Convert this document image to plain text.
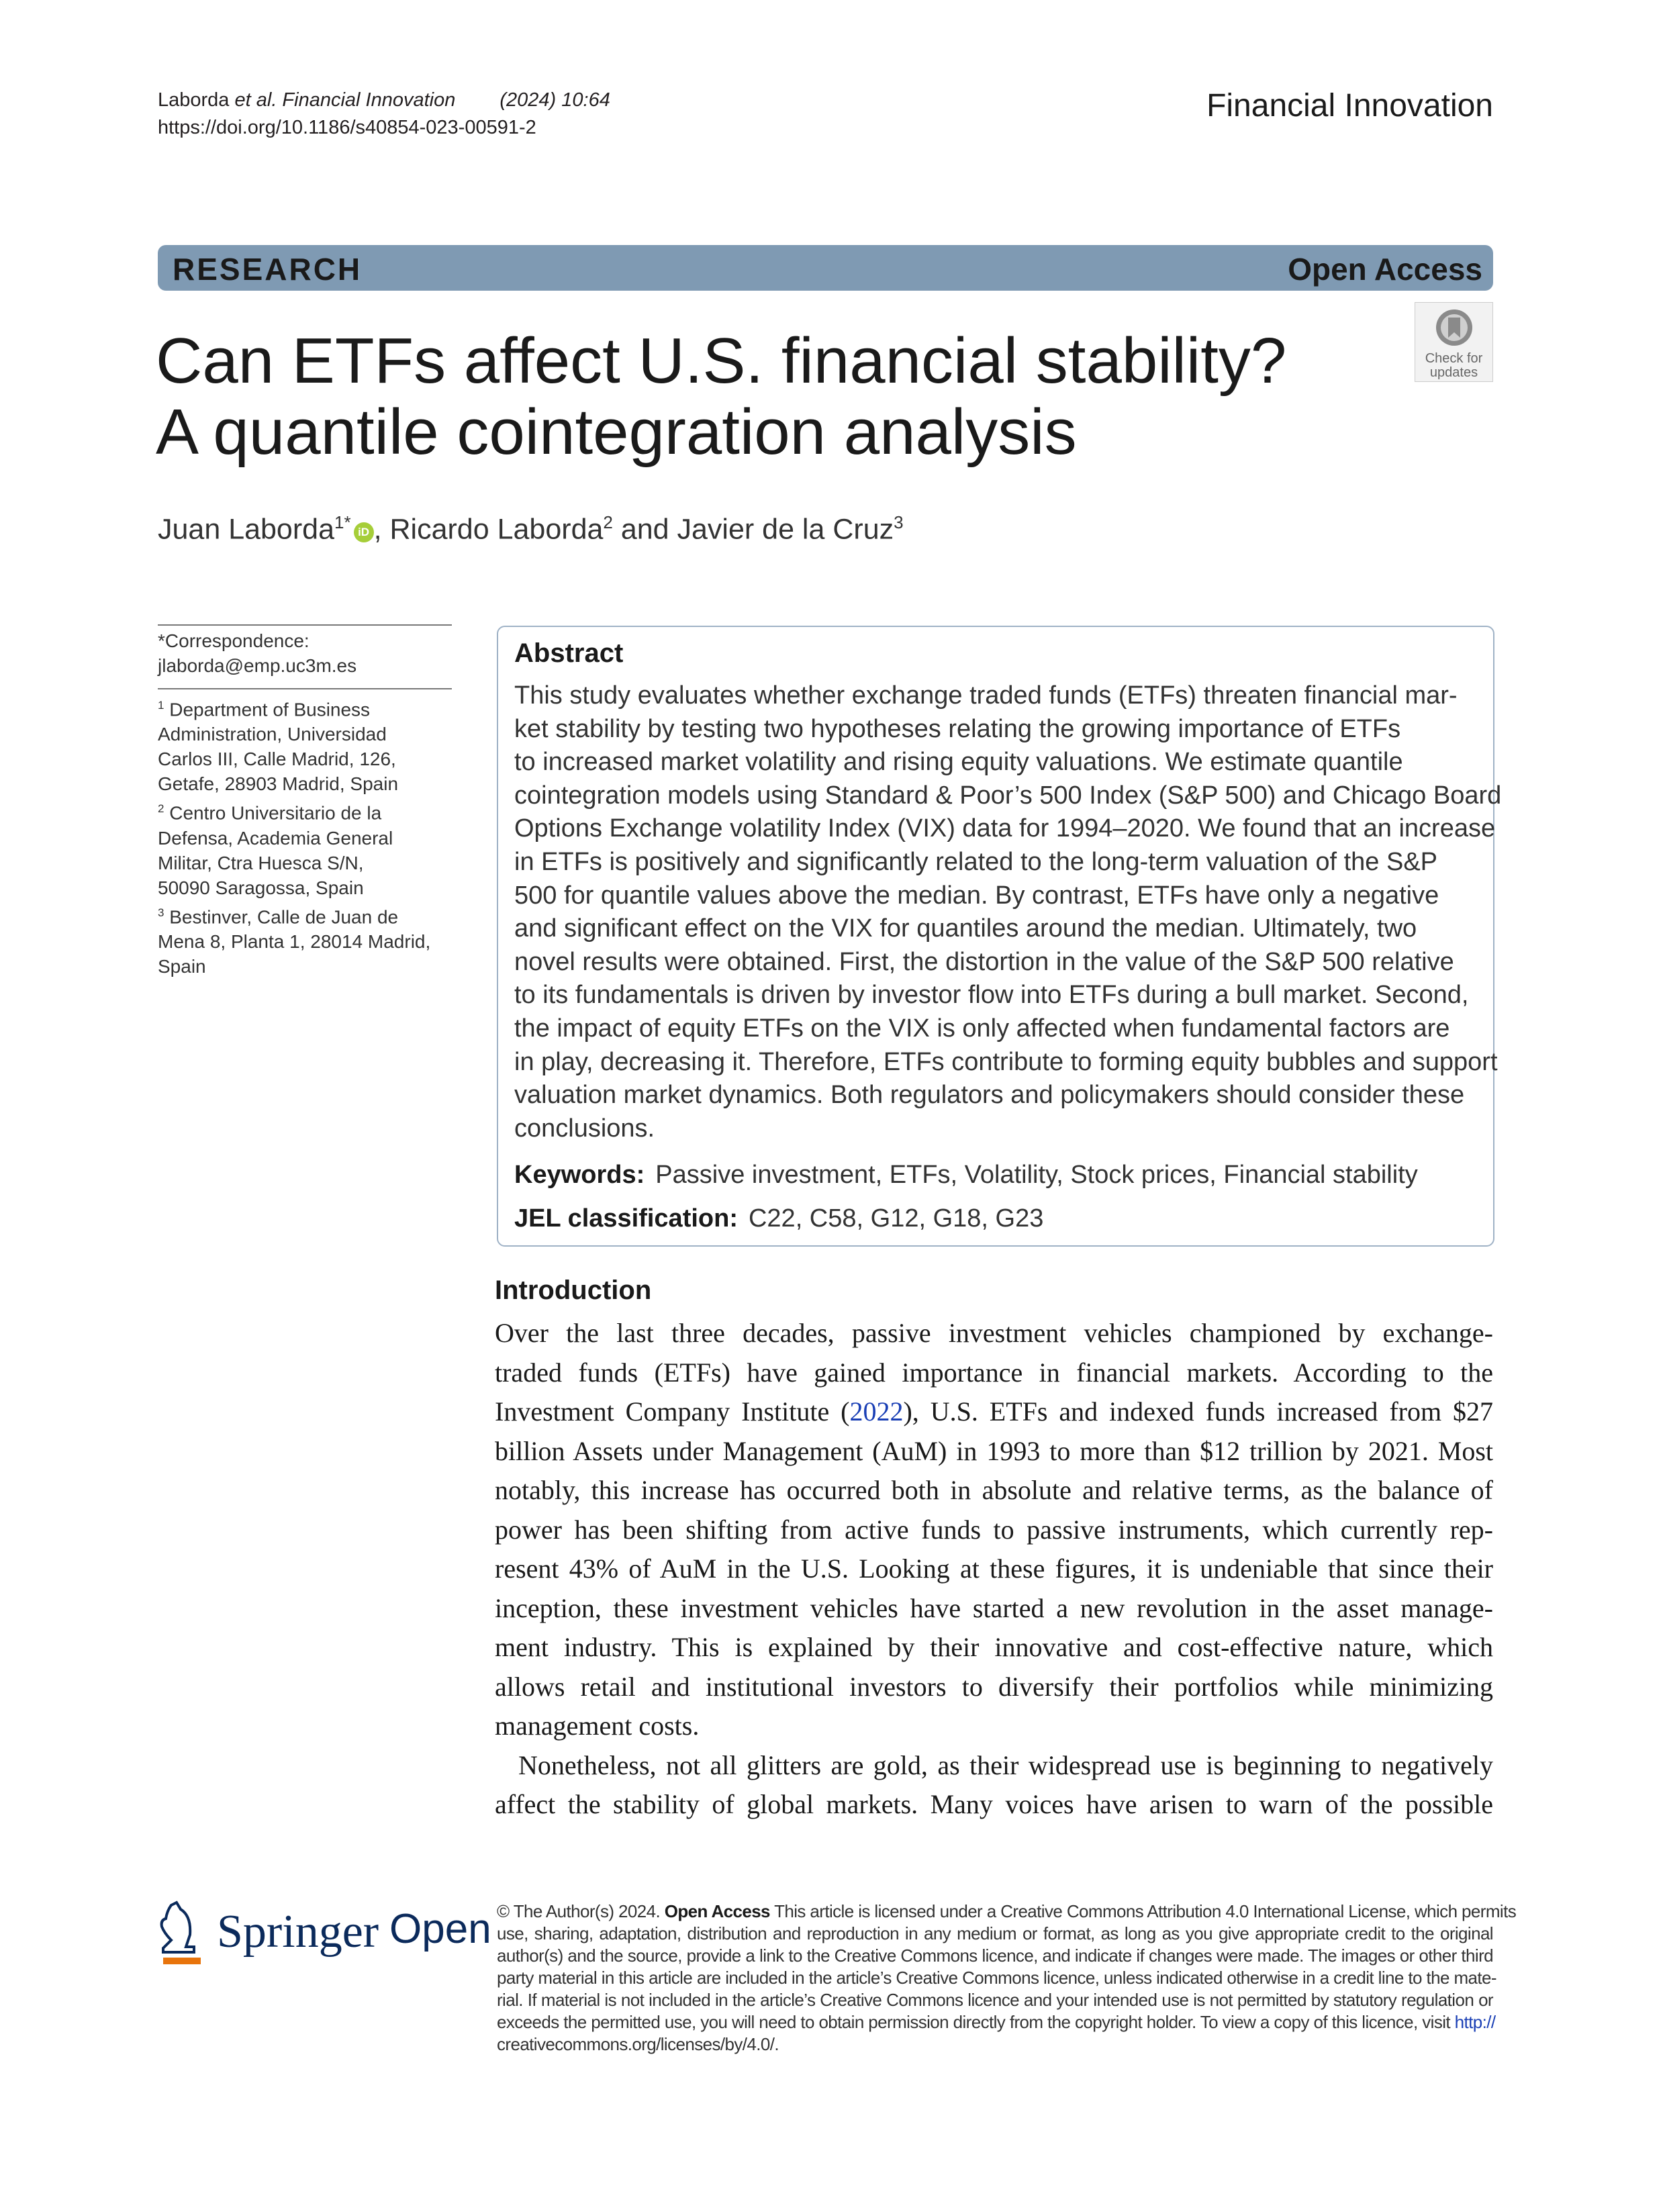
Laborda et al. Financial Innovation (2024) 10:64
https://doi.org/10.1186/s40854-023-00591-2
Financial Innovation
RESEARCH	Open Access
Check for
updates
Can ETFs affect U.S. financial stability?
A quantile cointegration analysis
Juan Laborda$^{1*}$ iD , Ricardo Laborda$^2$ and Javier de la Cruz$^3$
*Correspondence:
jlaborda@emp.uc3m.es
$^1$ Department of Business
Administration, Universidad
Carlos III, Calle Madrid, 126,
Getafe, 28903 Madrid, Spain
$^2$ Centro Universitario de la
Defensa, Academia General
Militar, Ctra Huesca S/N,
50090 Saragossa, Spain
$^3$ Bestinver, Calle de Juan de
Mena 8, Planta 1, 28014 Madrid,
Spain
Abstract
This study evaluates whether exchange traded funds (ETFs) threaten financial mar-
ket stability by testing two hypotheses relating the growing importance of ETFs
to increased market volatility and rising equity valuations. We estimate quantile
cointegration models using Standard & Poor’s 500 Index (S&P 500) and Chicago Board
Options Exchange volatility Index (VIX) data for 1994–2020. We found that an increase
in ETFs is positively and significantly related to the long-term valuation of the S&P
500 for quantile values above the median. By contrast, ETFs have only a negative
and significant effect on the VIX for quantiles around the median. Ultimately, two
novel results were obtained. First, the distortion in the value of the S&P 500 relative
to its fundamentals is driven by investor flow into ETFs during a bull market. Second,
the impact of equity ETFs on the VIX is only affected when fundamental factors are
in play, decreasing it. Therefore, ETFs contribute to forming equity bubbles and support
valuation market dynamics. Both regulators and policymakers should consider these
conclusions.
Keywords: Passive investment, ETFs, Volatility, Stock prices, Financial stability
JEL classification: C22, C58, G12, G18, G23
Introduction
Over the last three decades, passive investment vehicles championed by exchange-
traded funds (ETFs) have gained importance in financial markets. According to the
Investment Company Institute (2022), U.S. ETFs and indexed funds increased from $27
billion Assets under Management (AuM) in 1993 to more than $12 trillion by 2021. Most
notably, this increase has occurred both in absolute and relative terms, as the balance of
power has been shifting from active funds to passive instruments, which currently rep-
resent 43% of AuM in the U.S. Looking at these figures, it is undeniable that since their
inception, these investment vehicles have started a new revolution in the asset manage-
ment industry. This is explained by their innovative and cost-effective nature, which
allows retail and institutional investors to diversify their portfolios while minimizing
management costs.
Nonetheless, not all glitters are gold, as their widespread use is beginning to negatively
affect the stability of global markets. Many voices have arisen to warn of the possible
Springer Open © The Author(s) 2024. Open Access This article is licensed under a Creative Commons Attribution 4.0 International License, which permits
use, sharing, adaptation, distribution and reproduction in any medium or format, as long as you give appropriate credit to the original
author(s) and the source, provide a link to the Creative Commons licence, and indicate if changes were made. The images or other third
party material in this article are included in the article’s Creative Commons licence, unless indicated otherwise in a credit line to the mate-
rial. If material is not included in the article’s Creative Commons licence and your intended use is not permitted by statutory regulation or
exceeds the permitted use, you will need to obtain permission directly from the copyright holder. To view a copy of this licence, visit http://
creativecommons.org/licenses/by/4.0/.
